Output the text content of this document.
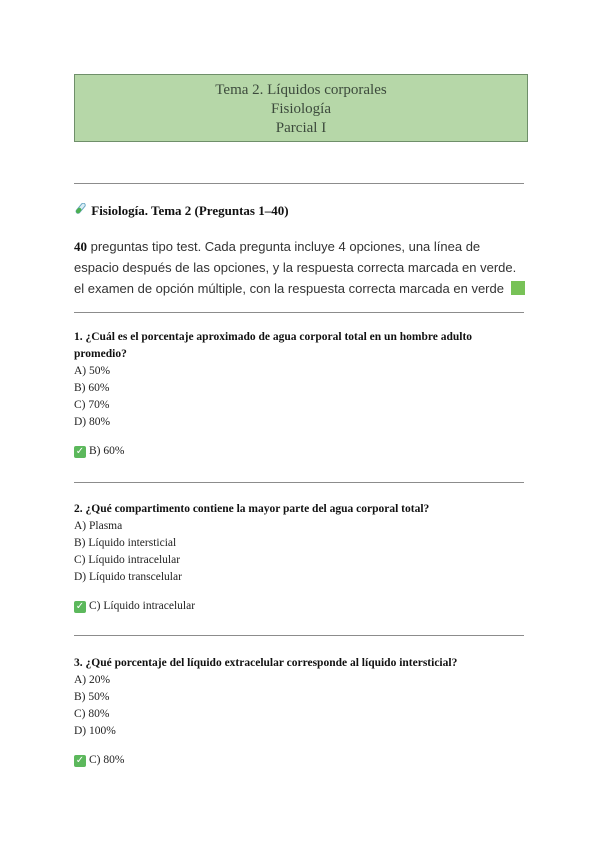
Tema 2. Líquidos corporales
Fisiología
Parcial I
Fisiología. Tema 2 (Preguntas 1–40)
40 preguntas tipo test. Cada pregunta incluye 4 opciones, una línea de espacio después de las opciones, y la respuesta correcta marcada en verde. el examen de opción múltiple, con la respuesta correcta marcada en verde
1. ¿Cuál es el porcentaje aproximado de agua corporal total en un hombre adulto promedio?
A) 50%
B) 60%
C) 70%
D) 80%
✓ B) 60%
2. ¿Qué compartimento contiene la mayor parte del agua corporal total?
A) Plasma
B) Líquido intersticial
C) Líquido intracelular
D) Líquido transcelular
✓ C) Líquido intracelular
3. ¿Qué porcentaje del líquido extracelular corresponde al líquido intersticial?
A) 20%
B) 50%
C) 80%
D) 100%
✓ C) 80%
